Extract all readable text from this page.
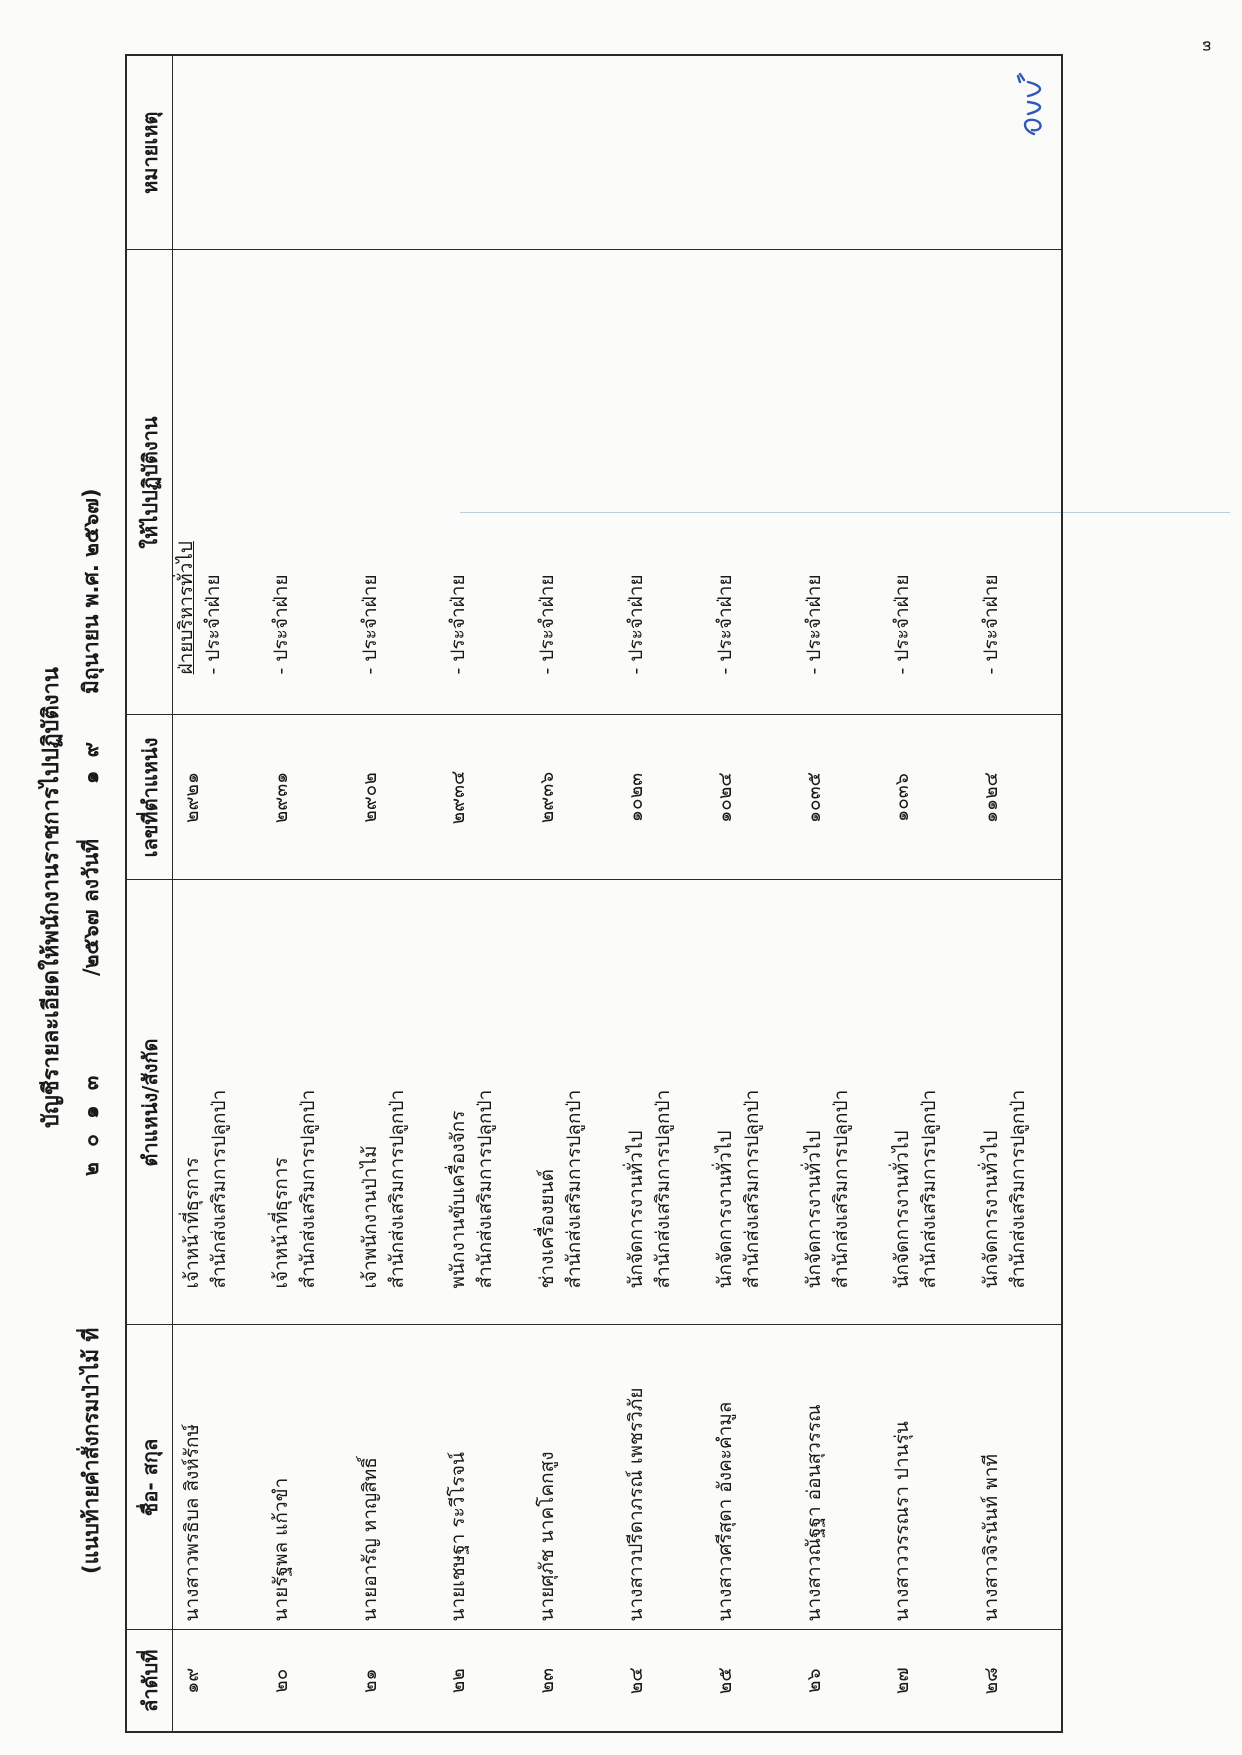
๓
บัญชีรายละเอียดให้พนักงานราชการไปปฏิบัติงาน
(แนบท้ายคำสั่งกรมป่าไม้ ที่
๒ ๐ ๑ ๓
/๒๕๖๗ ลงวันที่
๑ ๙
มิถุนายน พ.ศ. ๒๕๖๗)
ลำดับที่	ชื่อ- สกุล	ตำแหน่ง/สังกัด	เลขที่ตำแหน่ง	ให้ไปปฏิบัติงาน	หมายเหตุ

๑๙	นางสาวพรธิบล สิงห์รักษ์	เจ้าหน้าที่ธุรการ สำนักส่งเสริมการปลูกป่า	๒๙๒๑	ฝ่ายบริหารทั่วไป - ประจำฝ่าย	

๒๐	นายรัฐพล แก้วขำ	เจ้าหน้าที่ธุรการ สำนักส่งเสริมการปลูกป่า	๒๙๓๑	- ประจำฝ่าย	

๒๑	นายอารัญ หาญสิทธิ์	เจ้าพนักงานป่าไม้ สำนักส่งเสริมการปลูกป่า	๒๙๐๒	- ประจำฝ่าย	

๒๒	นายเชษฐา ระวีโรจน์	พนักงานขับเครื่องจักร สำนักส่งเสริมการปลูกป่า	๒๙๓๔	- ประจำฝ่าย	

๒๓	นายศุภัช นาคโคกสูง	ช่างเครื่องยนต์ สำนักส่งเสริมการปลูกป่า	๒๙๓๖	- ประจำฝ่าย	

๒๔	นางสาวปรีดาภรณ์ เพชรวิภัย	นักจัดการงานทั่วไป สำนักส่งเสริมการปลูกป่า	๑๐๒๓	- ประจำฝ่าย	

๒๕	นางสาวศรีสุดา อังคะคำมูล	นักจัดการงานทั่วไป สำนักส่งเสริมการปลูกป่า	๑๐๒๔	- ประจำฝ่าย	

๒๖	นางสาวณัฐฐา อ่อนสุวรรณ	นักจัดการงานทั่วไป สำนักส่งเสริมการปลูกป่า	๑๐๓๕	- ประจำฝ่าย	

๒๗	นางสาววรรณรา ปานรุ่น	นักจัดการงานทั่วไป สำนักส่งเสริมการปลูกป่า	๑๐๓๖	- ประจำฝ่าย	

๒๘	นางสาวจิรนันท์ พาที	นักจัดการงานทั่วไป สำนักส่งเสริมการปลูกป่า	๑๑๒๔	- ประจำฝ่าย	
